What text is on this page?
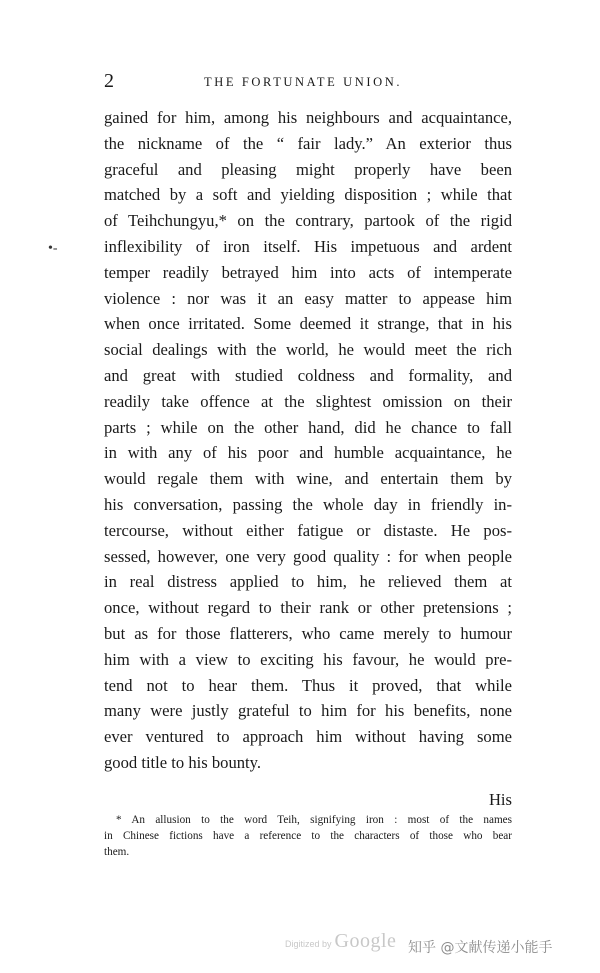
2	THE FORTUNATE UNION.
•-
gained for him, among his neighbours and acquaintance,
the nickname of the “ fair lady.” An exterior thus
graceful and pleasing might properly have been
matched by a soft and yielding disposition ; while that
of Teihchungyu,* on the contrary, partook of the rigid
inflexibility of iron itself. His impetuous and ardent
temper readily betrayed him into acts of intemperate
violence : nor was it an easy matter to appease him
when once irritated. Some deemed it strange, that in his
social dealings with the world, he would meet the rich
and great with studied coldness and formality, and
readily take offence at the slightest omission on their
parts ; while on the other hand, did he chance to fall
in with any of his poor and humble acquaintance, he
would regale them with wine, and entertain them by
his conversation, passing the whole day in friendly in-
tercourse, without either fatigue or distaste. He pos-
sessed, however, one very good quality : for when people
in real distress applied to him, he relieved them at
once, without regard to their rank or other pretensions ;
but as for those flatterers, who came merely to humour
him with a view to exciting his favour, he would pre-
tend not to hear them. Thus it proved, that while
many were justly grateful to him for his benefits, none
ever ventured to approach him without having some
good title to his bounty.
His
* An allusion to the word Teih, signifying iron : most of the names
in Chinese fictions have a reference to the characters of those who bear
them.
Digitized by Google 知乎 @文献传递小能手
